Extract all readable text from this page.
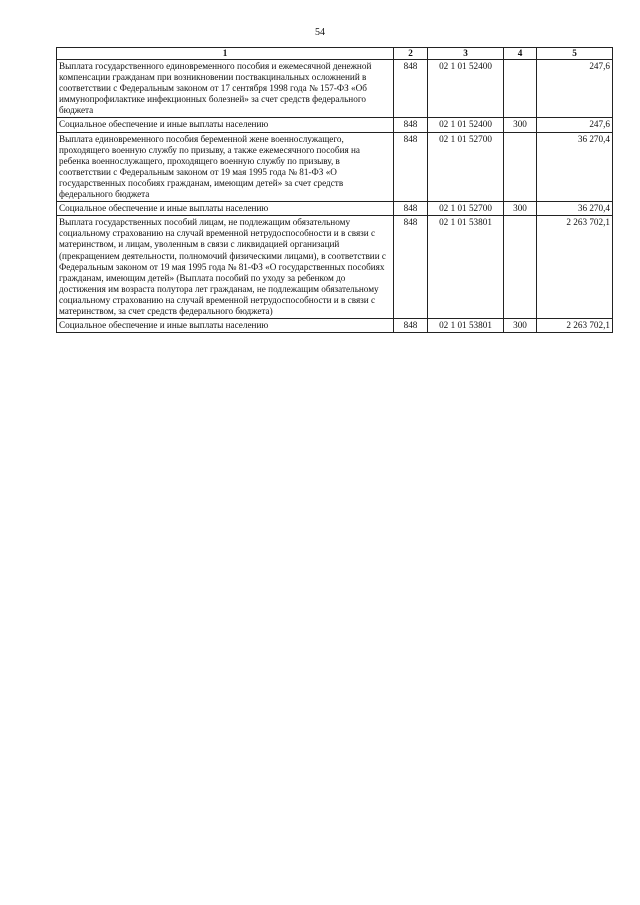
54
1	2	3	4	5
Выплата государственного единовременного пособия и ежемесячной денежной компенсации гражданам при возникновении поствакцинальных осложнений в соответствии с Федеральным законом от 17 сентября 1998 года № 157-ФЗ «Об иммунопрофилактике инфекционных болезней» за счет средств федерального бюджета	848	02 1 01 52400		247,6
Социальное обеспечение и иные выплаты населению	848	02 1 01 52400	300	247,6
Выплата единовременного пособия беременной жене военнослужащего, проходящего военную службу по призыву, а также ежемесячного пособия на ребенка военнослужащего, проходящего военную службу по призыву, в соответствии с Федеральным законом от 19 мая 1995 года № 81-ФЗ «О государственных пособиях гражданам, имеющим детей» за счет средств федерального бюджета	848	02 1 01 52700		36 270,4
Социальное обеспечение и иные выплаты населению	848	02 1 01 52700	300	36 270,4
Выплата государственных пособий лицам, не подлежащим обязательному социальному страхованию на случай временной нетрудоспособности и в связи с материнством, и лицам, уволенным в связи с ликвидацией организаций (прекращением деятельности, полномочий физическими лицами), в соответствии с Федеральным законом от 19 мая 1995 года № 81-ФЗ «О государственных пособиях гражданам, имеющим детей» (Выплата пособий по уходу за ребенком до достижения им возраста полутора лет гражданам, не подлежащим обязательному социальному страхованию на случай временной нетрудоспособности и в связи с материнством, за счет средств федерального бюджета)	848	02 1 01 53801		2 263 702,1
Социальное обеспечение и иные выплаты населению	848	02 1 01 53801	300	2 263 702,1
